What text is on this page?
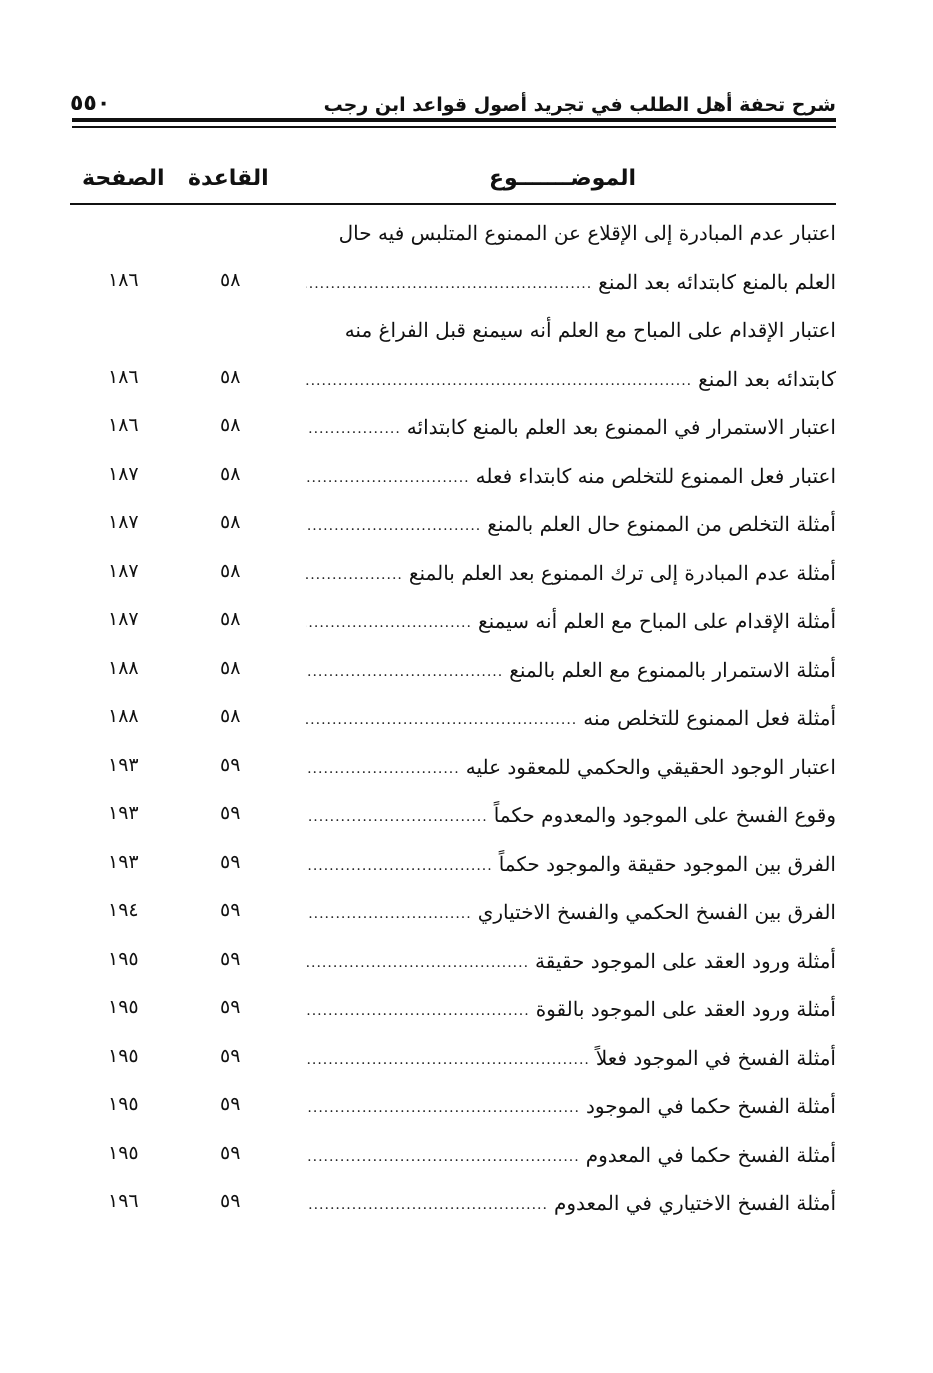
شرح تحفة أهل الطلب في تجريد أصول قواعد ابن رجب
٥٥٠
الموضـــــــوع
القاعدة
الصفحة
اعتبار عدم المبادرة إلى الإقلاع عن الممنوع المتلبس فيه حال
العلم بالمنع كابتدائه بعد المنع
.....
٥٨
١٨٦
اعتبار الإقدام على المباح مع العلم أنه سيمنع قبل الفراغ منه
كابتدائه بعد المنع
.....
٥٨
١٨٦
اعتبار الاستمرار في الممنوع بعد العلم بالمنع كابتدائه
.....
٥٨
١٨٦
اعتبار فعل الممنوع للتخلص منه كابتداء فعله
.....
٥٨
١٨٧
أمثلة التخلص من الممنوع حال العلم بالمنع
.....
٥٨
١٨٧
أمثلة عدم المبادرة إلى ترك الممنوع بعد العلم بالمنع
.....
٥٨
١٨٧
أمثلة الإقدام على المباح مع العلم أنه سيمنع
.....
٥٨
١٨٧
أمثلة الاستمرار بالممنوع مع العلم بالمنع
.....
٥٨
١٨٨
أمثلة فعل الممنوع للتخلص منه
.....
٥٨
١٨٨
اعتبار الوجود الحقيقي والحكمي للمعقود عليه
.....
٥٩
١٩٣
وقوع الفسخ على الموجود والمعدوم حكماً
.....
٥٩
١٩٣
الفرق بين الموجود حقيقة والموجود حكماً
.....
٥٩
١٩٣
الفرق بين الفسخ الحكمي والفسخ الاختياري
.....
٥٩
١٩٤
أمثلة ورود العقد على الموجود حقيقة
.....
٥٩
١٩٥
أمثلة ورود العقد على الموجود بالقوة
.....
٥٩
١٩٥
أمثلة الفسخ في الموجود فعلاً
.....
٥٩
١٩٥
أمثلة الفسخ حكما في الموجود
.....
٥٩
١٩٥
أمثلة الفسخ حكما في المعدوم
.....
٥٩
١٩٥
أمثلة الفسخ الاختياري في المعدوم
.....
٥٩
١٩٦
